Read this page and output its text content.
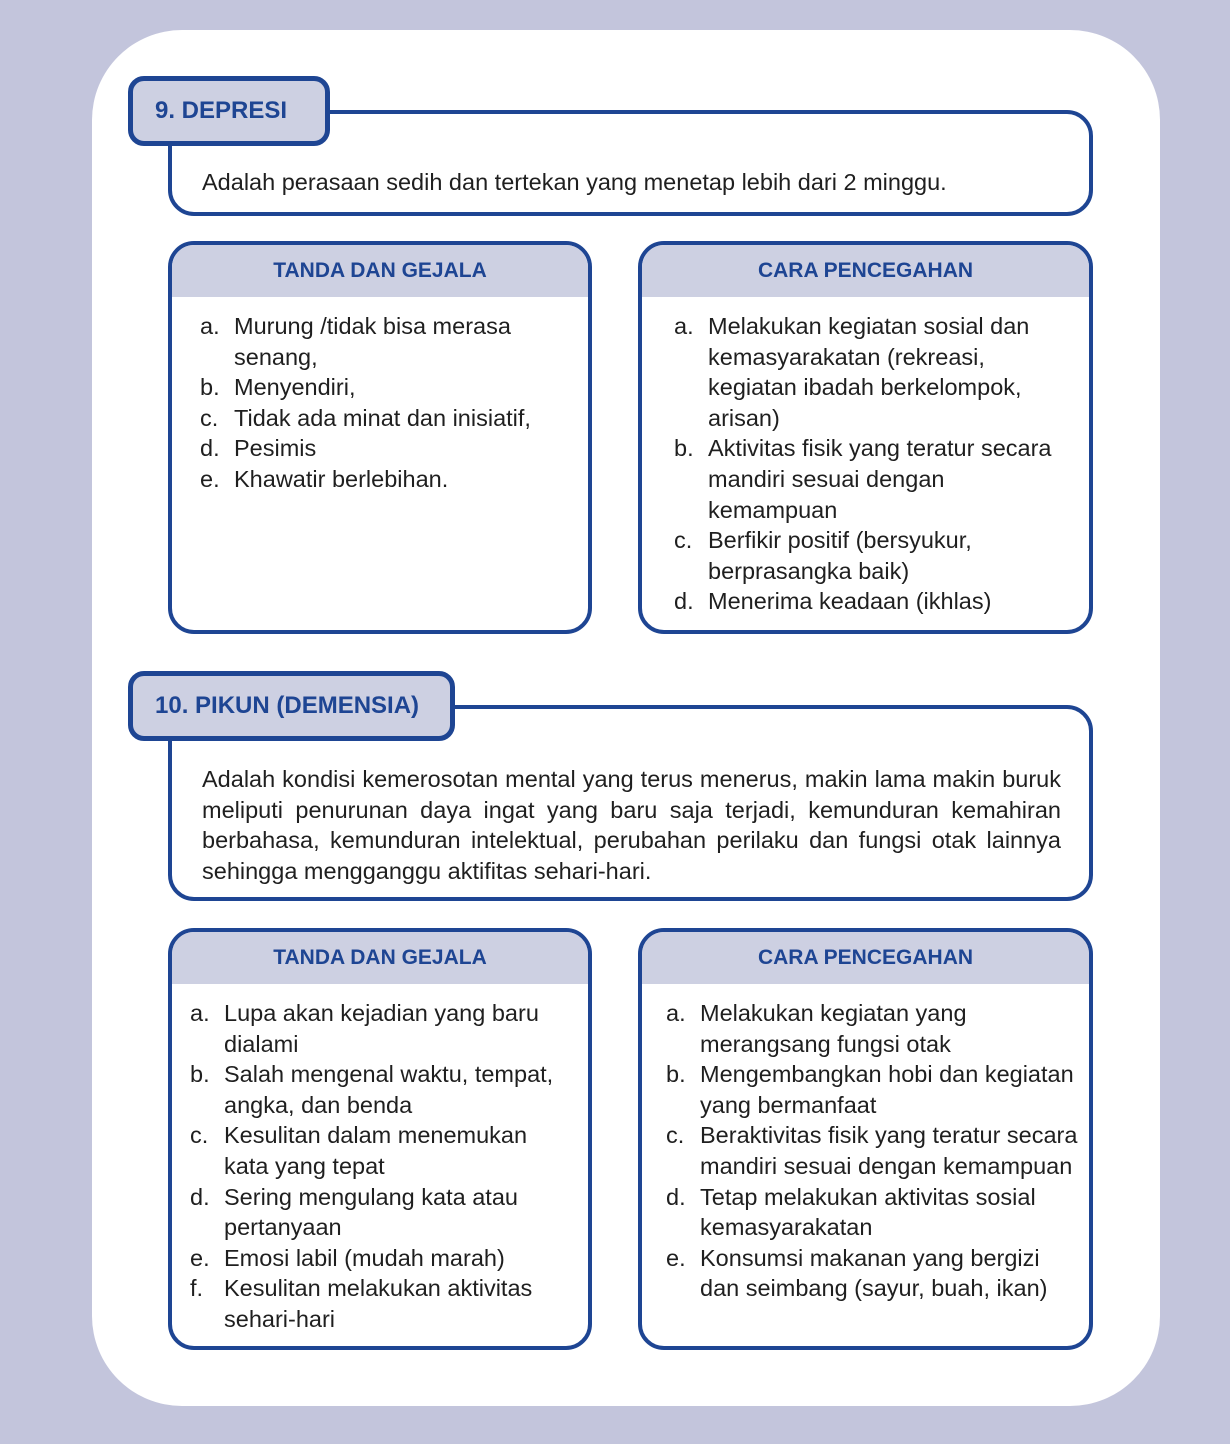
9. DEPRESI

Adalah perasaan sedih dan tertekan yang menetap lebih dari 2 minggu.

TANDA DAN GEJALA
a. Murung /tidak bisa merasa senang,
b. Menyendiri,
c. Tidak ada minat dan inisiatif,
d. Pesimis
e. Khawatir berlebihan.
CARA PENCEGAHAN
a. Melakukan kegiatan sosial dan kemasyarakatan (rekreasi, kegiatan ibadah berkelompok, arisan)
b. Aktivitas fisik yang teratur secara mandiri sesuai dengan kemampuan
c. Berfikir positif (bersyukur, berprasangka baik)
d. Menerima keadaan (ikhlas)
10. PIKUN (DEMENSIA)

Adalah kondisi kemerosotan mental yang terus menerus, makin lama makin buruk meliputi penurunan daya ingat yang baru saja terjadi, kemunduran kemahiran berbahasa, kemunduran intelektual, perubahan perilaku dan fungsi otak lainnya sehingga mengganggu aktifitas sehari-hari.

TANDA DAN GEJALA
a. Lupa akan kejadian yang baru dialami
b. Salah mengenal waktu, tempat, angka, dan benda
c. Kesulitan dalam menemukan kata yang tepat
d. Sering mengulang kata atau pertanyaan
e. Emosi labil (mudah marah)
f. Kesulitan melakukan aktivitas sehari-hari
CARA PENCEGAHAN
a. Melakukan kegiatan yang merangsang fungsi otak
b. Mengembangkan hobi dan kegiatan yang bermanfaat
c. Beraktivitas fisik yang teratur secara mandiri sesuai dengan kemampuan
d. Tetap melakukan aktivitas sosial kemasyarakatan
e. Konsumsi makanan yang bergizi dan seimbang (sayur, buah, ikan)
